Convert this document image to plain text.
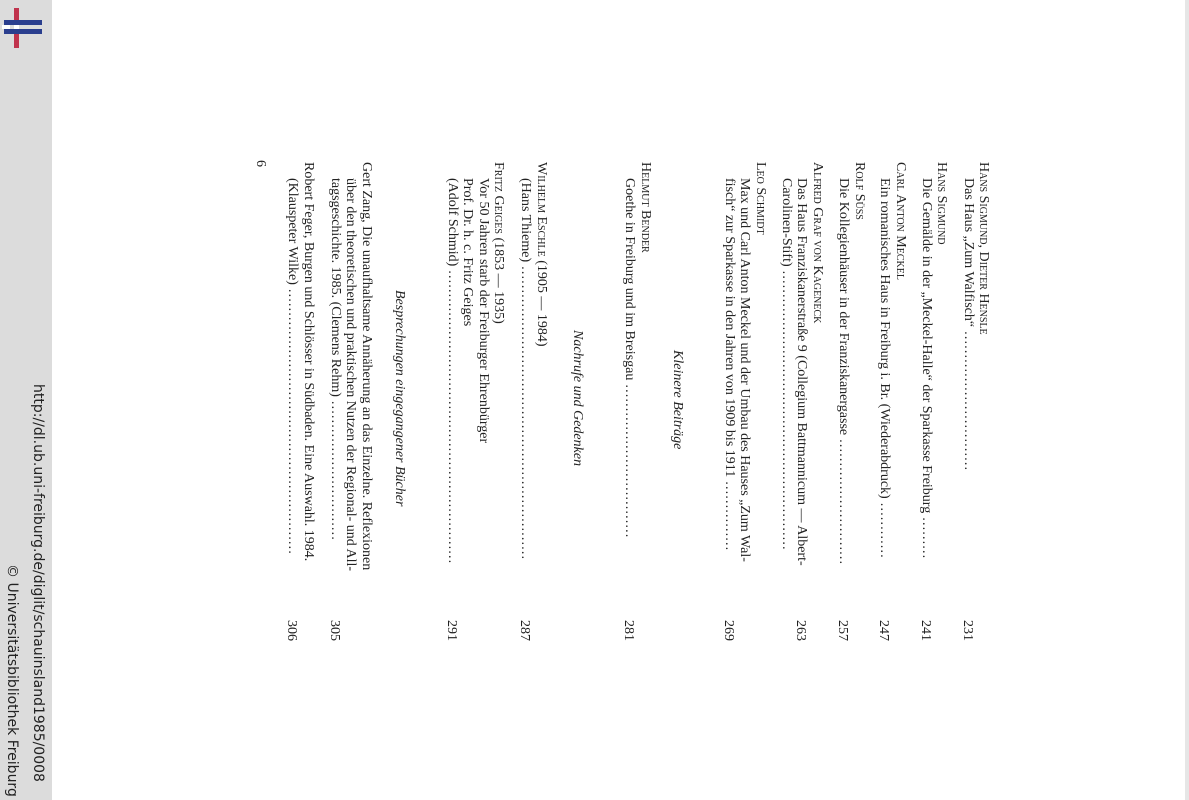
http://dl.ub.uni-freiburg.de/diglit/schauinsland1985/0008
© Universitätsbibliothek Freiburg
Hans Sigmund, Dieter Hensle
Das Haus „Zum Walfisch“ …………………………
231
Hans Sigmund
Die Gemälde in der „Meckel-Halle“ der Sparkasse Freiburg ………
241
Carl Anton Meckel
Ein romanisches Haus in Freiburg i. Br. (Wiederabdruck) …………
247
Rolf Süss
Die Kollegienhäuser in der Franziskanergasse ………………………
257
Alfred Graf von Kageneck
Das Haus Franziskanerstraße 9 (Collegium Battmannicum — Albert-
Carolinen-Stift) ……………………………………………………
263
Leo Schmidt
Max und Carl Anton Meckel und der Umbau des Hauses „Zum Wal-
fisch“ zur Sparkasse in den Jahren von 1909 bis 1911 ……………
269
Kleinere Beiträge
Helmut Bender
Goethe in Freiburg und im Breisgau ……………………………
281
Nachrufe und Gedenken
Wilhelm Eschle (1905 — 1984)
(Hans Thieme) ………………………………………………………
287
Fritz Geiges (1853 — 1935)
Vor 50 Jahren starb der Freiburger Ehrenbürger
Prof. Dr. h. c. Fritz Geiges
(Adolf Schmid) ………………………………………………………
291
Besprechungen eingegangener Bücher
Gert Zang, Die unaufhaltsame Annäherung an das Einzelne. Reflexionen
über den theoretischen und praktischen Nutzen der Regional- und All-
tagsgeschichte. 1985. (Clemens Rehm) …………………………
305
Robert Feger, Burgen und Schlösser in Südbaden. Eine Auswahl. 1984.
(Klauspeter Wilke) …………………………………………………
306
6
